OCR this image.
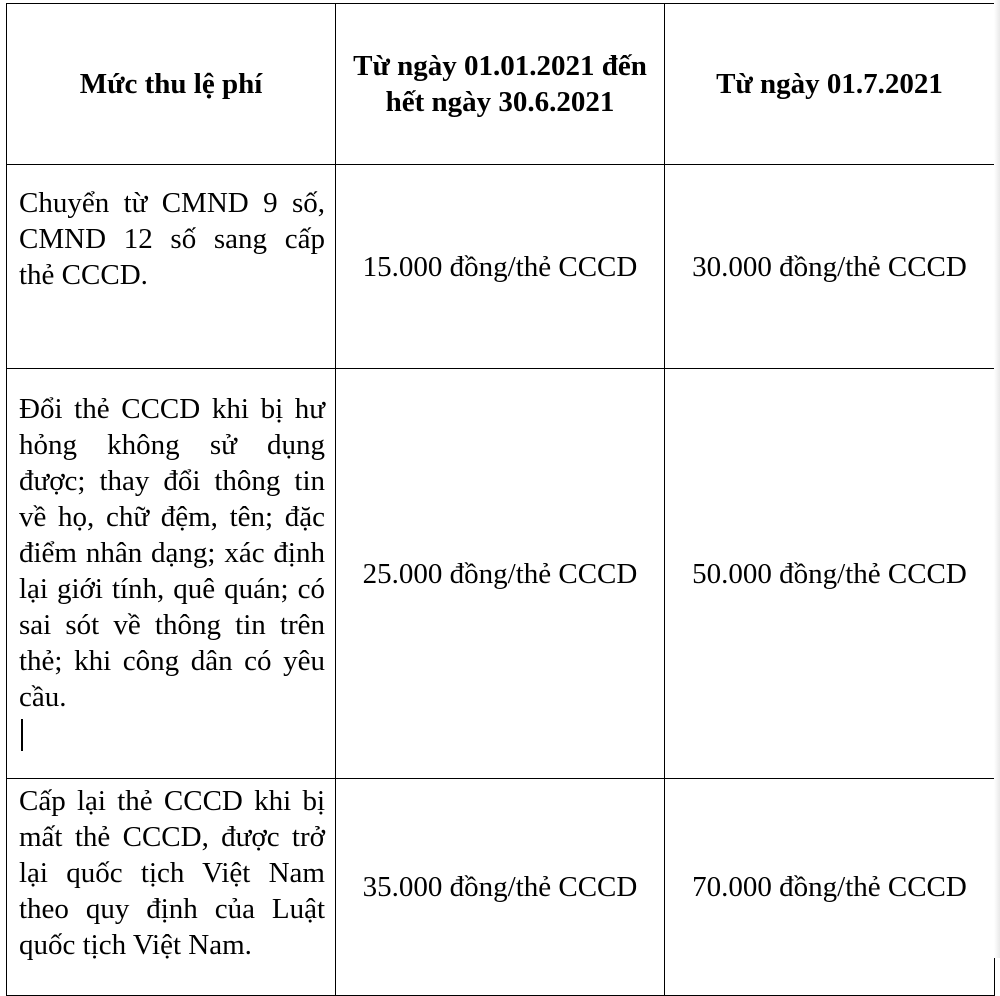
Mức thu lệ phí	Từ ngày 01.01.2021 đến hết ngày 30.6.2021	Từ ngày 01.7.2021

Chuyển từ CMND 9 số, CMND 12 số sang cấp thẻ CCCD.	15.000 đồng/thẻ CCCD	30.000 đồng/thẻ CCCD

Đổi thẻ CCCD khi bị hư hỏng không sử dụng được; thay đổi thông tin về họ, chữ đệm, tên; đặc điểm nhân dạng; xác định lại giới tính, quê quán; có sai sót về thông tin trên thẻ; khi công dân có yêu cầu.	25.000 đồng/thẻ CCCD	50.000 đồng/thẻ CCCD

Cấp lại thẻ CCCD khi bị mất thẻ CCCD, được trở lại quốc tịch Việt Nam theo quy định của Luật quốc tịch Việt Nam.	35.000 đồng/thẻ CCCD	70.000 đồng/thẻ CCCD
